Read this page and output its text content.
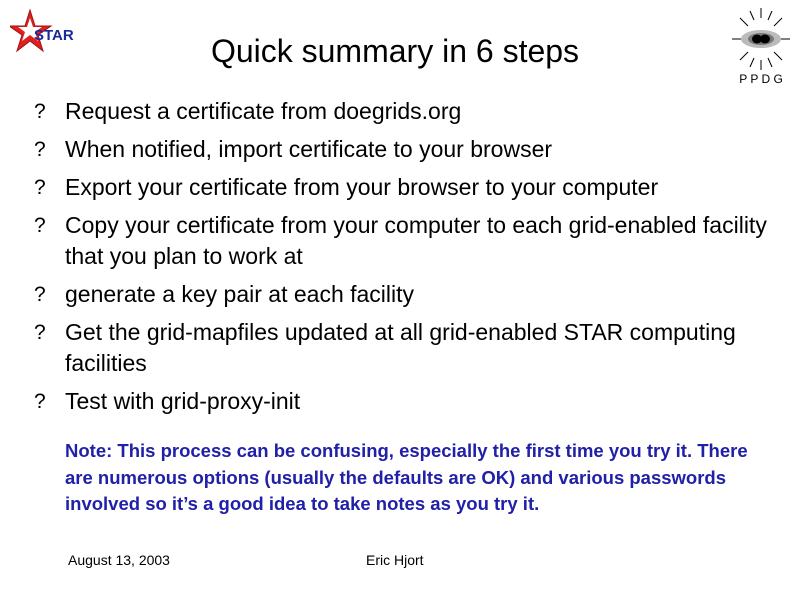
STAR	Quick summary in 6 steps
P P D G
? Request a certificate from doegrids.org
? When notified, import certificate to your browser
? Export your certificate from your browser to your computer
? Copy your certificate from your computer to each grid-enabled facility that you plan to work at
? generate a key pair at each facility
? Get the grid-mapfiles updated at all grid-enabled STAR computing facilities
? Test with grid-proxy-init

Note: This process can be confusing, especially the first time you try it. There are numerous options (usually the defaults are OK) and various passwords involved so it’s a good idea to take notes as you try it.

August 13, 2003	Eric Hjort
